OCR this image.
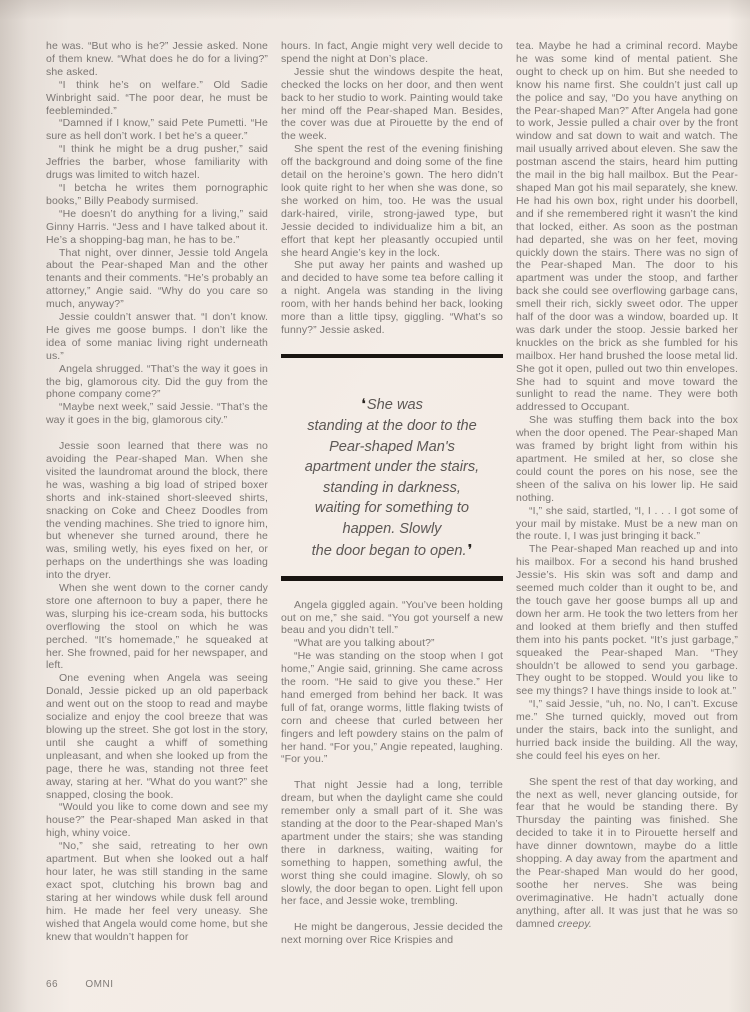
he was. “But who is he?” Jessie asked. None of them knew. “What does he do for a living?” she asked.

“I think he’s on welfare.” Old Sadie Winbright said. “The poor dear, he must be feebleminded.”

“Damned if I know,” said Pete Pumetti. “He sure as hell don’t work. I bet he’s a queer.”

“I think he might be a drug pusher,” said Jeffries the barber, whose familiarity with drugs was limited to witch hazel.

“I betcha he writes them pornographic books,” Billy Peabody surmised.

“He doesn’t do anything for a living,” said Ginny Harris. “Jess and I have talked about it. He’s a shopping-bag man, he has to be.”

That night, over dinner, Jessie told Angela about the Pear-shaped Man and the other tenants and their comments. “He’s probably an attorney,” Angie said. “Why do you care so much, anyway?”

Jessie couldn’t answer that. “I don’t know. He gives me goose bumps. I don’t like the idea of some maniac living right underneath us.”

Angela shrugged. “That’s the way it goes in the big, glamorous city. Did the guy from the phone company come?”

“Maybe next week,” said Jessie. “That’s the way it goes in the big, glamorous city.”

Jessie soon learned that there was no avoiding the Pear-shaped Man. When she visited the laundromat around the block, there he was, washing a big load of striped boxer shorts and ink-stained short-sleeved shirts, snacking on Coke and Cheez Doodles from the vending machines. She tried to ignore him, but whenever she turned around, there he was, smiling wetly, his eyes fixed on her, or perhaps on the underthings she was loading into the dryer.

When she went down to the corner candy store one afternoon to buy a paper, there he was, slurping his ice-cream soda, his buttocks overflowing the stool on which he was perched. “It’s homemade,” he squeaked at her. She frowned, paid for her newspaper, and left.

One evening when Angela was seeing Donald, Jessie picked up an old paperback and went out on the stoop to read and maybe socialize and enjoy the cool breeze that was blowing up the street. She got lost in the story, until she caught a whiff of something unpleasant, and when she looked up from the page, there he was, standing not three feet away, staring at her. “What do you want?” she snapped, closing the book.

“Would you like to come down and see my house?” the Pear-shaped Man asked in that high, whiny voice.

“No,” she said, retreating to her own apartment. But when she looked out a half hour later, he was still standing in the same exact spot, clutching his brown bag and staring at her windows while dusk fell around him. He made her feel very uneasy. She wished that Angela would come home, but she knew that wouldn’t happen for

hours. In fact, Angie might very well decide to spend the night at Don’s place.

Jessie shut the windows despite the heat, checked the locks on her door, and then went back to her studio to work. Painting would take her mind off the Pear-shaped Man. Besides, the cover was due at Pirouette by the end of the week.

She spent the rest of the evening finishing off the background and doing some of the fine detail on the heroine’s gown. The hero didn’t look quite right to her when she was done, so she worked on him, too. He was the usual dark-haired, virile, strong-jawed type, but Jessie decided to individualize him a bit, an effort that kept her pleasantly occupied until she heard Angie’s key in the lock.

She put away her paints and washed up and decided to have some tea before calling it a night. Angela was standing in the living room, with her hands behind her back, looking more than a little tipsy, giggling. “What’s so funny?” Jessie asked.

❛She was
standing at the door to the
Pear-shaped Man's
apartment under the stairs,
standing in darkness,
waiting for something to
happen. Slowly
the door began to open.❜

Angela giggled again. “You’ve been holding out on me,” she said. “You got yourself a new beau and you didn’t tell.”

“What are you talking about?”

“He was standing on the stoop when I got home,” Angie said, grinning. She came across the room. “He said to give you these.” Her hand emerged from behind her back. It was full of fat, orange worms, little flaking twists of corn and cheese that curled between her fingers and left powdery stains on the palm of her hand. “For you,” Angie repeated, laughing. “For you.”

That night Jessie had a long, terrible dream, but when the daylight came she could remember only a small part of it. She was standing at the door to the Pear-shaped Man’s apartment under the stairs; she was standing there in darkness, waiting, waiting for something to happen, something awful, the worst thing she could imagine. Slowly, oh so slowly, the door began to open. Light fell upon her face, and Jessie woke, trembling.

He might be dangerous, Jessie decided the next morning over Rice Krispies and

tea. Maybe he had a criminal record. Maybe he was some kind of mental patient. She ought to check up on him. But she needed to know his name first. She couldn’t just call up the police and say, “Do you have anything on the Pear-shaped Man?” After Angela had gone to work, Jessie pulled a chair over by the front window and sat down to wait and watch. The mail usually arrived about eleven. She saw the postman ascend the stairs, heard him putting the mail in the big hall mailbox. But the Pear-shaped Man got his mail separately, she knew. He had his own box, right under his doorbell, and if she remembered right it wasn’t the kind that locked, either. As soon as the postman had departed, she was on her feet, moving quickly down the stairs. There was no sign of the Pear-shaped Man. The door to his apartment was under the stoop, and farther back she could see overflowing garbage cans, smell their rich, sickly sweet odor. The upper half of the door was a window, boarded up. It was dark under the stoop. Jessie barked her knuckles on the brick as she fumbled for his mailbox. Her hand brushed the loose metal lid. She got it open, pulled out two thin envelopes. She had to squint and move toward the sunlight to read the name. They were both addressed to Occupant.

She was stuffing them back into the box when the door opened. The Pear-shaped Man was framed by bright light from within his apartment. He smiled at her, so close she could count the pores on his nose, see the sheen of the saliva on his lower lip. He said nothing.

“I,” she said, startled, “I, I . . . I got some of your mail by mistake. Must be a new man on the route. I, I was just bringing it back.”

The Pear-shaped Man reached up and into his mailbox. For a second his hand brushed Jessie’s. His skin was soft and damp and seemed much colder than it ought to be, and the touch gave her goose bumps all up and down her arm. He took the two letters from her and looked at them briefly and then stuffed them into his pants pocket. “It’s just garbage,” squeaked the Pear-shaped Man. “They shouldn’t be allowed to send you garbage. They ought to be stopped. Would you like to see my things? I have things inside to look at.”

“I,” said Jessie, “uh, no. No, I can’t. Excuse me.” She turned quickly, moved out from under the stairs, back into the sunlight, and hurried back inside the building. All the way, she could feel his eyes on her.

She spent the rest of that day working, and the next as well, never glancing outside, for fear that he would be standing there. By Thursday the painting was finished. She decided to take it in to Pirouette herself and have dinner downtown, maybe do a little shopping. A day away from the apartment and the Pear-shaped Man would do her good, soothe her nerves. She was being overimaginative. He hadn’t actually done anything, after all. It was just that he was so damned creepy.

66	OMNI
